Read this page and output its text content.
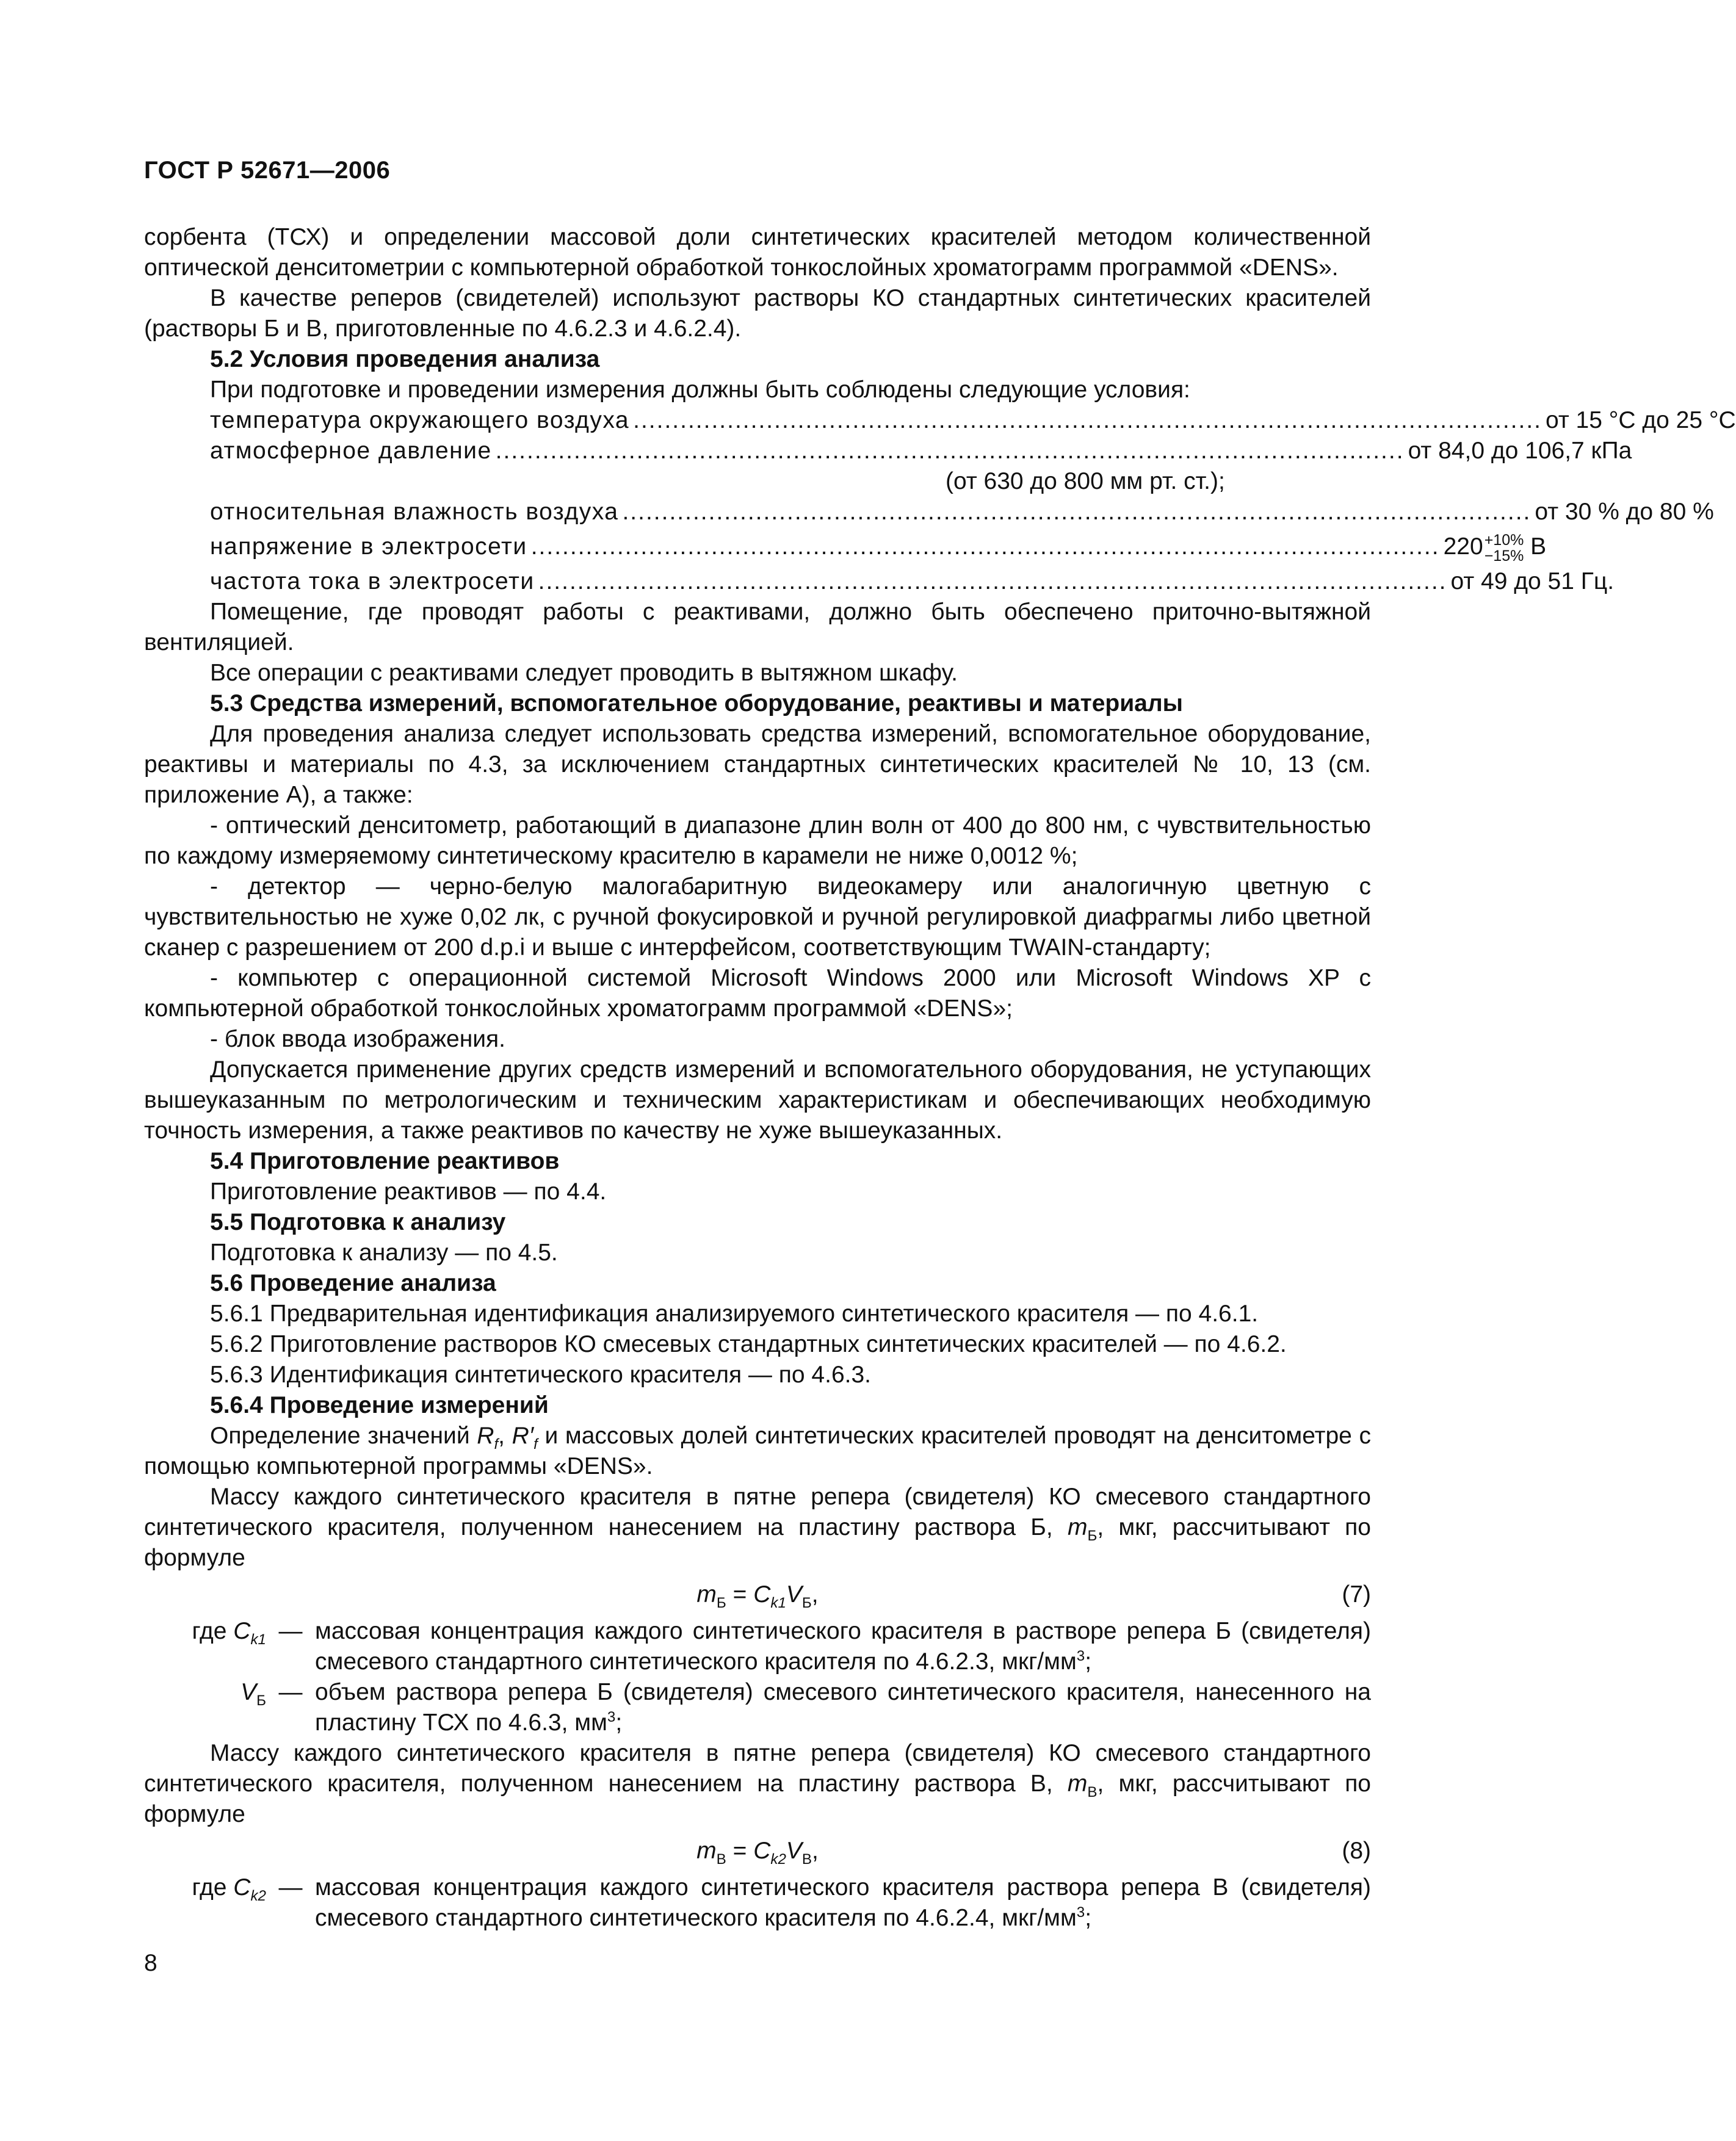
ГОСТ Р 52671—2006

сорбента (ТСХ) и определении массовой доли синтетических красителей методом количественной оптической денситометрии с компьютерной обработкой тонкослойных хроматограмм программой «DENS».

В качестве реперов (свидетелей) используют растворы КО стандартных синтетических красителей (растворы Б и В, приготовленные по 4.6.2.3 и 4.6.2.4).

5.2 Условия проведения анализа

При подготовке и проведении измерения должны быть соблюдены следующие условия:

температура окружающего воздуха .................................................................................................................... от 15 °C до 25 °C
атмосферное давление .................................................................................................................... от 84,0 до 106,7 кПа
(от 630 до 800 мм рт. ст.);
относительная влажность воздуха .................................................................................................................... от 30 % до 80 %
напряжение в электросети .................................................................................................................... 220 +10%
−15% В
частота тока в электросети .................................................................................................................... от 49 до 51 Гц.

Помещение, где проводят работы с реактивами, должно быть обеспечено приточно-вытяжной вентиляцией.

Все операции с реактивами следует проводить в вытяжном шкафу.

5.3 Средства измерений, вспомогательное оборудование, реактивы и материалы

Для проведения анализа следует использовать средства измерений, вспомогательное оборудование, реактивы и материалы по 4.3, за исключением стандартных синтетических красителей № 10, 13 (см. приложение А), а также:

- оптический денситометр, работающий в диапазоне длин волн от 400 до 800 нм, с чувствительностью по каждому измеряемому синтетическому красителю в карамели не ниже 0,0012 %;

- детектор — черно-белую малогабаритную видеокамеру или аналогичную цветную с чувствительностью не хуже 0,02 лк, с ручной фокусировкой и ручной регулировкой диафрагмы либо цветной сканер с разрешением от 200 d.p.i и выше с интерфейсом, соответствующим TWAIN-стандарту;

- компьютер с операционной системой Microsoft Windows 2000 или Microsoft Windows XP с компьютерной обработкой тонкослойных хроматограмм программой «DENS»;

- блок ввода изображения.

Допускается применение других средств измерений и вспомогательного оборудования, не уступающих вышеуказанным по метрологическим и техническим характеристикам и обеспечивающих необходимую точность измерения, а также реактивов по качеству не хуже вышеуказанных.

5.4 Приготовление реактивов

Приготовление реактивов — по 4.4.

5.5 Подготовка к анализу

Подготовка к анализу — по 4.5.

5.6 Проведение анализа

5.6.1 Предварительная идентификация анализируемого синтетического красителя — по 4.6.1.

5.6.2 Приготовление растворов КО смесевых стандартных синтетических красителей — по 4.6.2.

5.6.3 Идентификация синтетического красителя — по 4.6.3.

5.6.4 Проведение измерений

Определение значений $R_f$, $R'_f$ и массовых долей синтетических красителей проводят на денситометре с помощью компьютерной программы «DENS».

Массу каждого синтетического красителя в пятне репера (свидетеля) КО смесевого стандартного синтетического красителя, полученном нанесением на пластину раствора Б, $m_Б$, мкг, рассчитывают по формуле

$m_Б = C_{k1}V_Б$,	(7)
где $C_{k1}$ — массовая концентрация каждого синтетического красителя в растворе репера Б (свидетеля) смесевого стандартного синтетического красителя по 4.6.2.3, мкг/$мм^3$;
$V_Б$ — объем раствора репера Б (свидетеля) смесевого синтетического красителя, нанесенного на пластину ТСХ по 4.6.3, $мм^3$;

Массу каждого синтетического красителя в пятне репера (свидетеля) КО смесевого стандартного синтетического красителя, полученном нанесением на пластину раствора В, $m_В$, мкг, рассчитывают по формуле

$m_В = C_{k2}V_В$,	(8)
где $C_{k2}$ — массовая концентрация каждого синтетического красителя раствора репера В (свидетеля) смесевого стандартного синтетического красителя по 4.6.2.4, мкг/$мм^3$;
8
